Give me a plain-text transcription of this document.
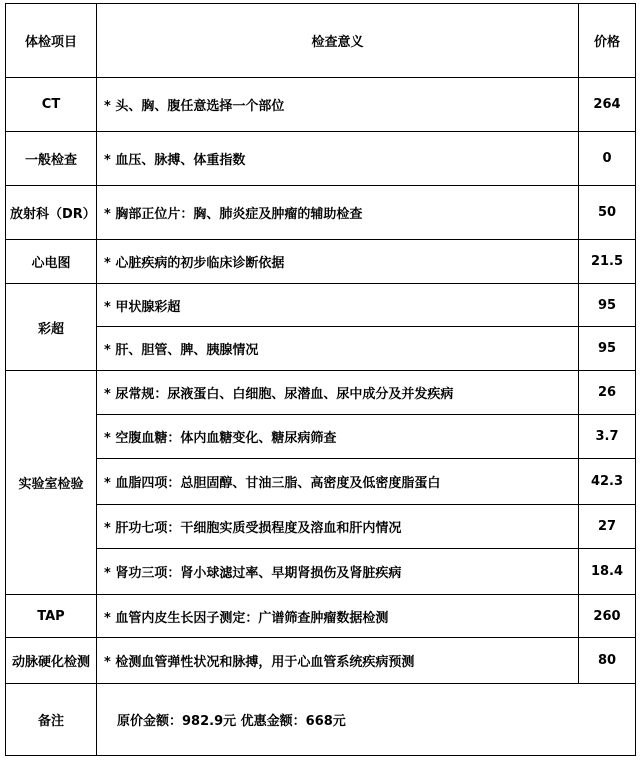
体检项目	检查意义	价格
CT	* 头、胸、腹任意选择一个部位	264
一般检查	* 血压、脉搏、体重指数	0
放射科（DR）	* 胸部正位片：胸、肺炎症及肿瘤的辅助检查	50
心电图	* 心脏疾病的初步临床诊断依据	21.5
彩超	* 甲状腺彩超	95
	* 肝、胆管、脾、胰腺情况	95
实验室检验	* 尿常规：尿液蛋白、白细胞、尿潜血、尿中成分及并发疾病	26
	* 空腹血糖：体内血糖变化、糖尿病筛查	3.7
	* 血脂四项：总胆固醇、甘油三脂、高密度及低密度脂蛋白	42.3
	* 肝功七项：干细胞实质受损程度及溶血和肝内情况	27
	* 肾功三项：肾小球滤过率、早期肾损伤及肾脏疾病	18.4
TAP	* 血管内皮生长因子测定：广谱筛查肿瘤数据检测	260
动脉硬化检测	* 检测血管弹性状况和脉搏，用于心血管系统疾病预测	80
备注	原价金额：982.9元 优惠金额：668元	
